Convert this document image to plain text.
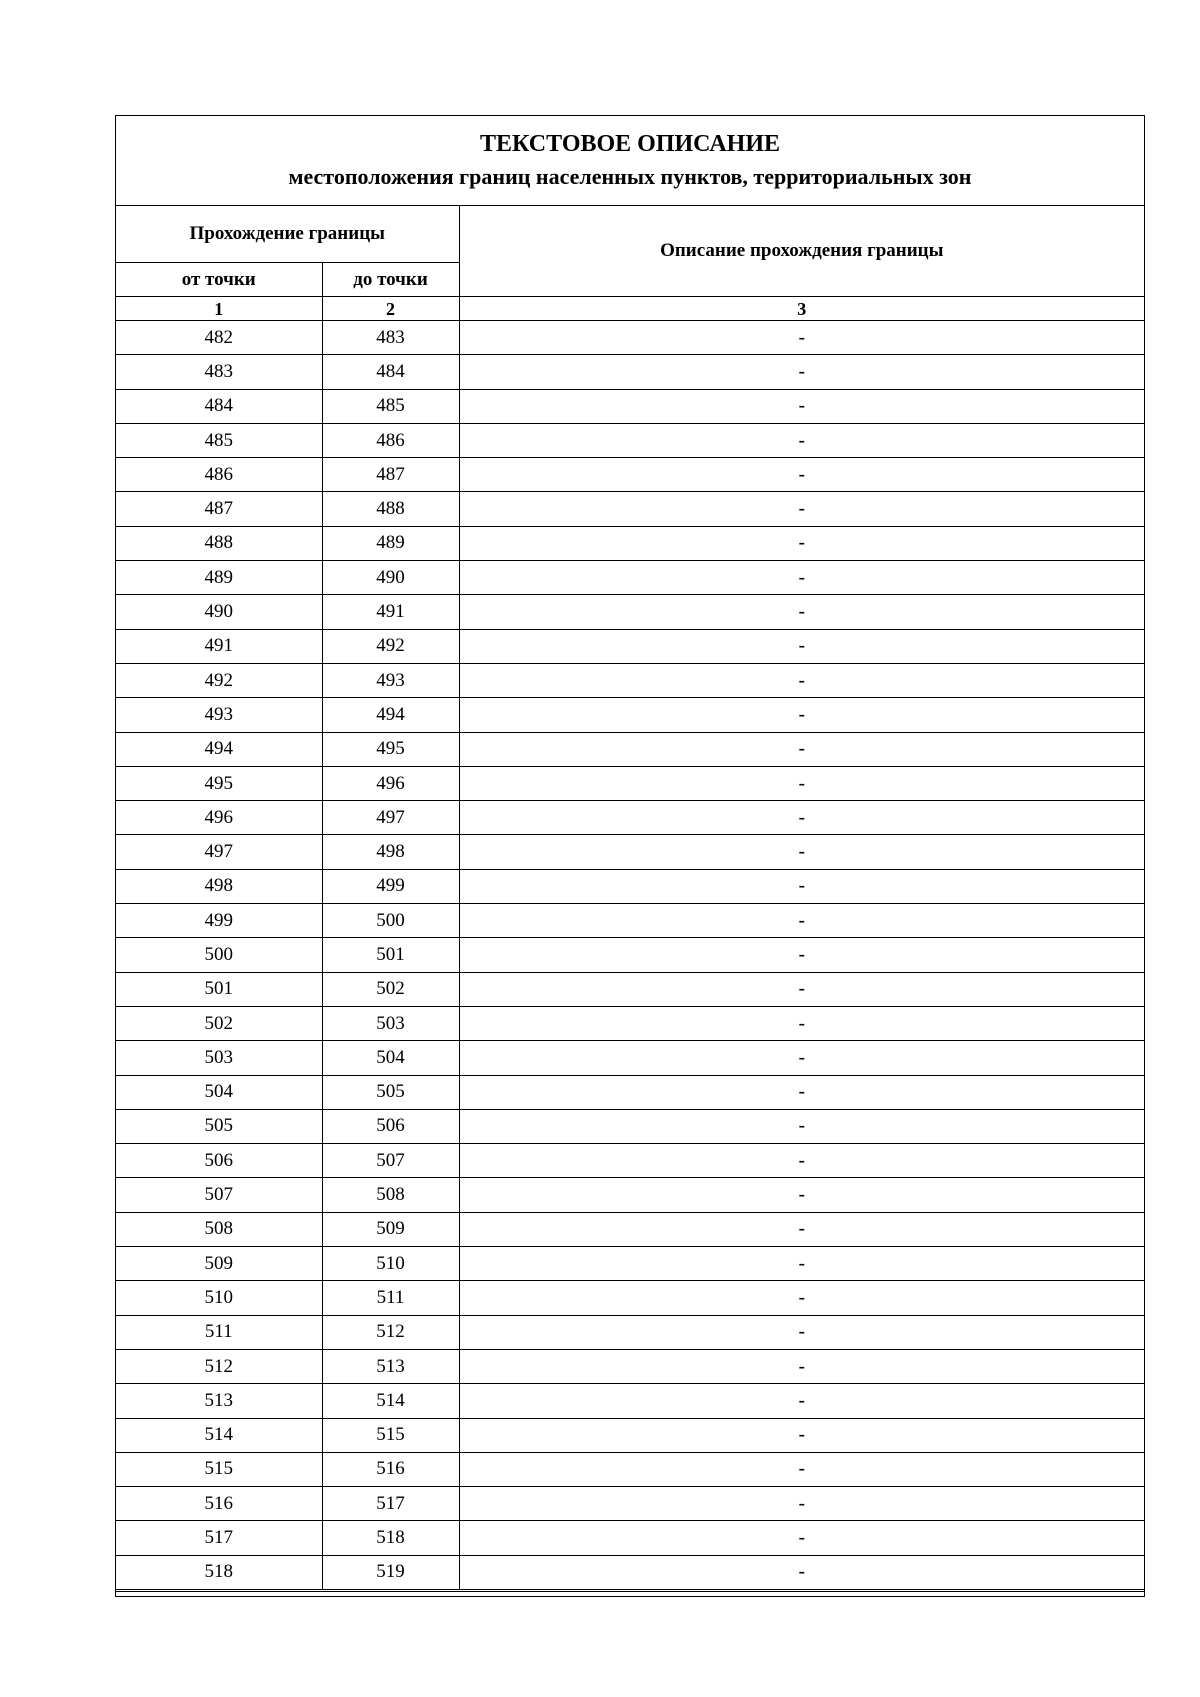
ТЕКСТОВОЕ ОПИСАНИЕ
местоположения границ населенных пунктов, территориальных зон
Прохождение границы		Описание прохождения границы
от точки	до точки	
1	2	3
482	483	-
483	484	-
484	485	-
485	486	-
486	487	-
487	488	-
488	489	-
489	490	-
490	491	-
491	492	-
492	493	-
493	494	-
494	495	-
495	496	-
496	497	-
497	498	-
498	499	-
499	500	-
500	501	-
501	502	-
502	503	-
503	504	-
504	505	-
505	506	-
506	507	-
507	508	-
508	509	-
509	510	-
510	511	-
511	512	-
512	513	-
513	514	-
514	515	-
515	516	-
516	517	-
517	518	-
518	519	-
